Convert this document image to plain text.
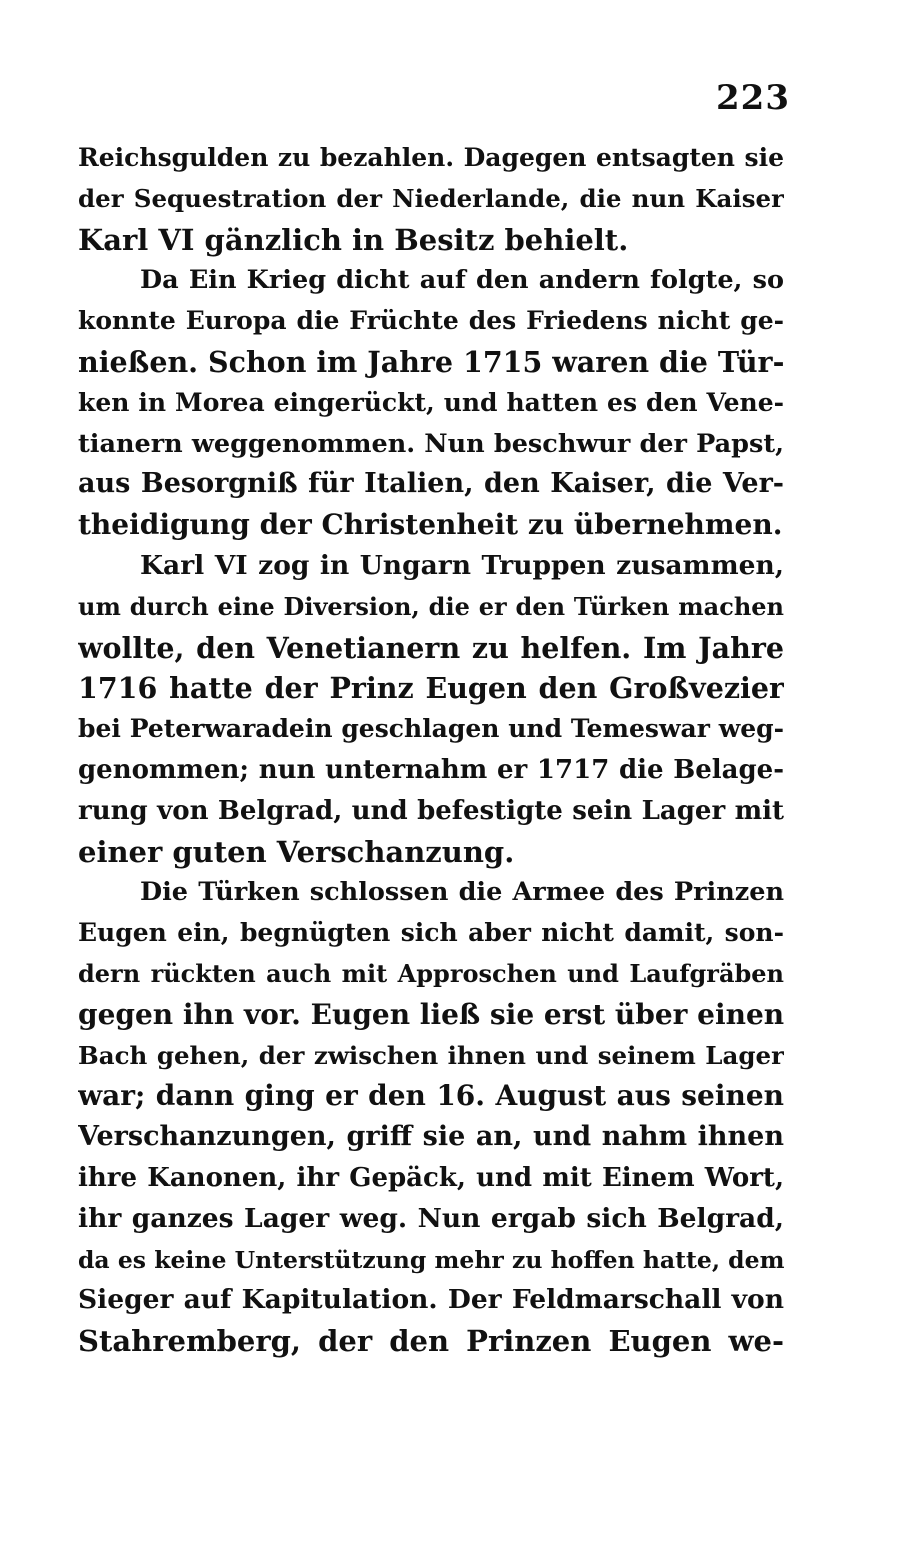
223
Reichsgulden zu bezahlen. Dagegen entsagten sie
der Sequestration der Niederlande, die nun Kaiser
Karl VI gänzlich in Besitz behielt.
Da Ein Krieg dicht auf den andern folgte, so
konnte Europa die Früchte des Friedens nicht ge-
nießen. Schon im Jahre 1715 waren die Tür-
ken in Morea eingerückt, und hatten es den Vene-
tianern weggenommen. Nun beschwur der Papst,
aus Besorgniß für Italien, den Kaiser, die Ver-
theidigung der Christenheit zu übernehmen.
Karl VI zog in Ungarn Truppen zusammen,
um durch eine Diversion, die er den Türken machen
wollte, den Venetianern zu helfen. Im Jahre
1716 hatte der Prinz Eugen den Großvezier
bei Peterwaradein geschlagen und Temeswar weg-
genommen; nun unternahm er 1717 die Belage-
rung von Belgrad, und befestigte sein Lager mit
einer guten Verschanzung.
Die Türken schlossen die Armee des Prinzen
Eugen ein, begnügten sich aber nicht damit, son-
dern rückten auch mit Approschen und Laufgräben
gegen ihn vor. Eugen ließ sie erst über einen
Bach gehen, der zwischen ihnen und seinem Lager
war; dann ging er den 16. August aus seinen
Verschanzungen, griff sie an, und nahm ihnen
ihre Kanonen, ihr Gepäck, und mit Einem Wort,
ihr ganzes Lager weg. Nun ergab sich Belgrad,
da es keine Unterstützung mehr zu hoffen hatte, dem
Sieger auf Kapitulation. Der Feldmarschall von
Stahremberg, der den Prinzen Eugen we-
